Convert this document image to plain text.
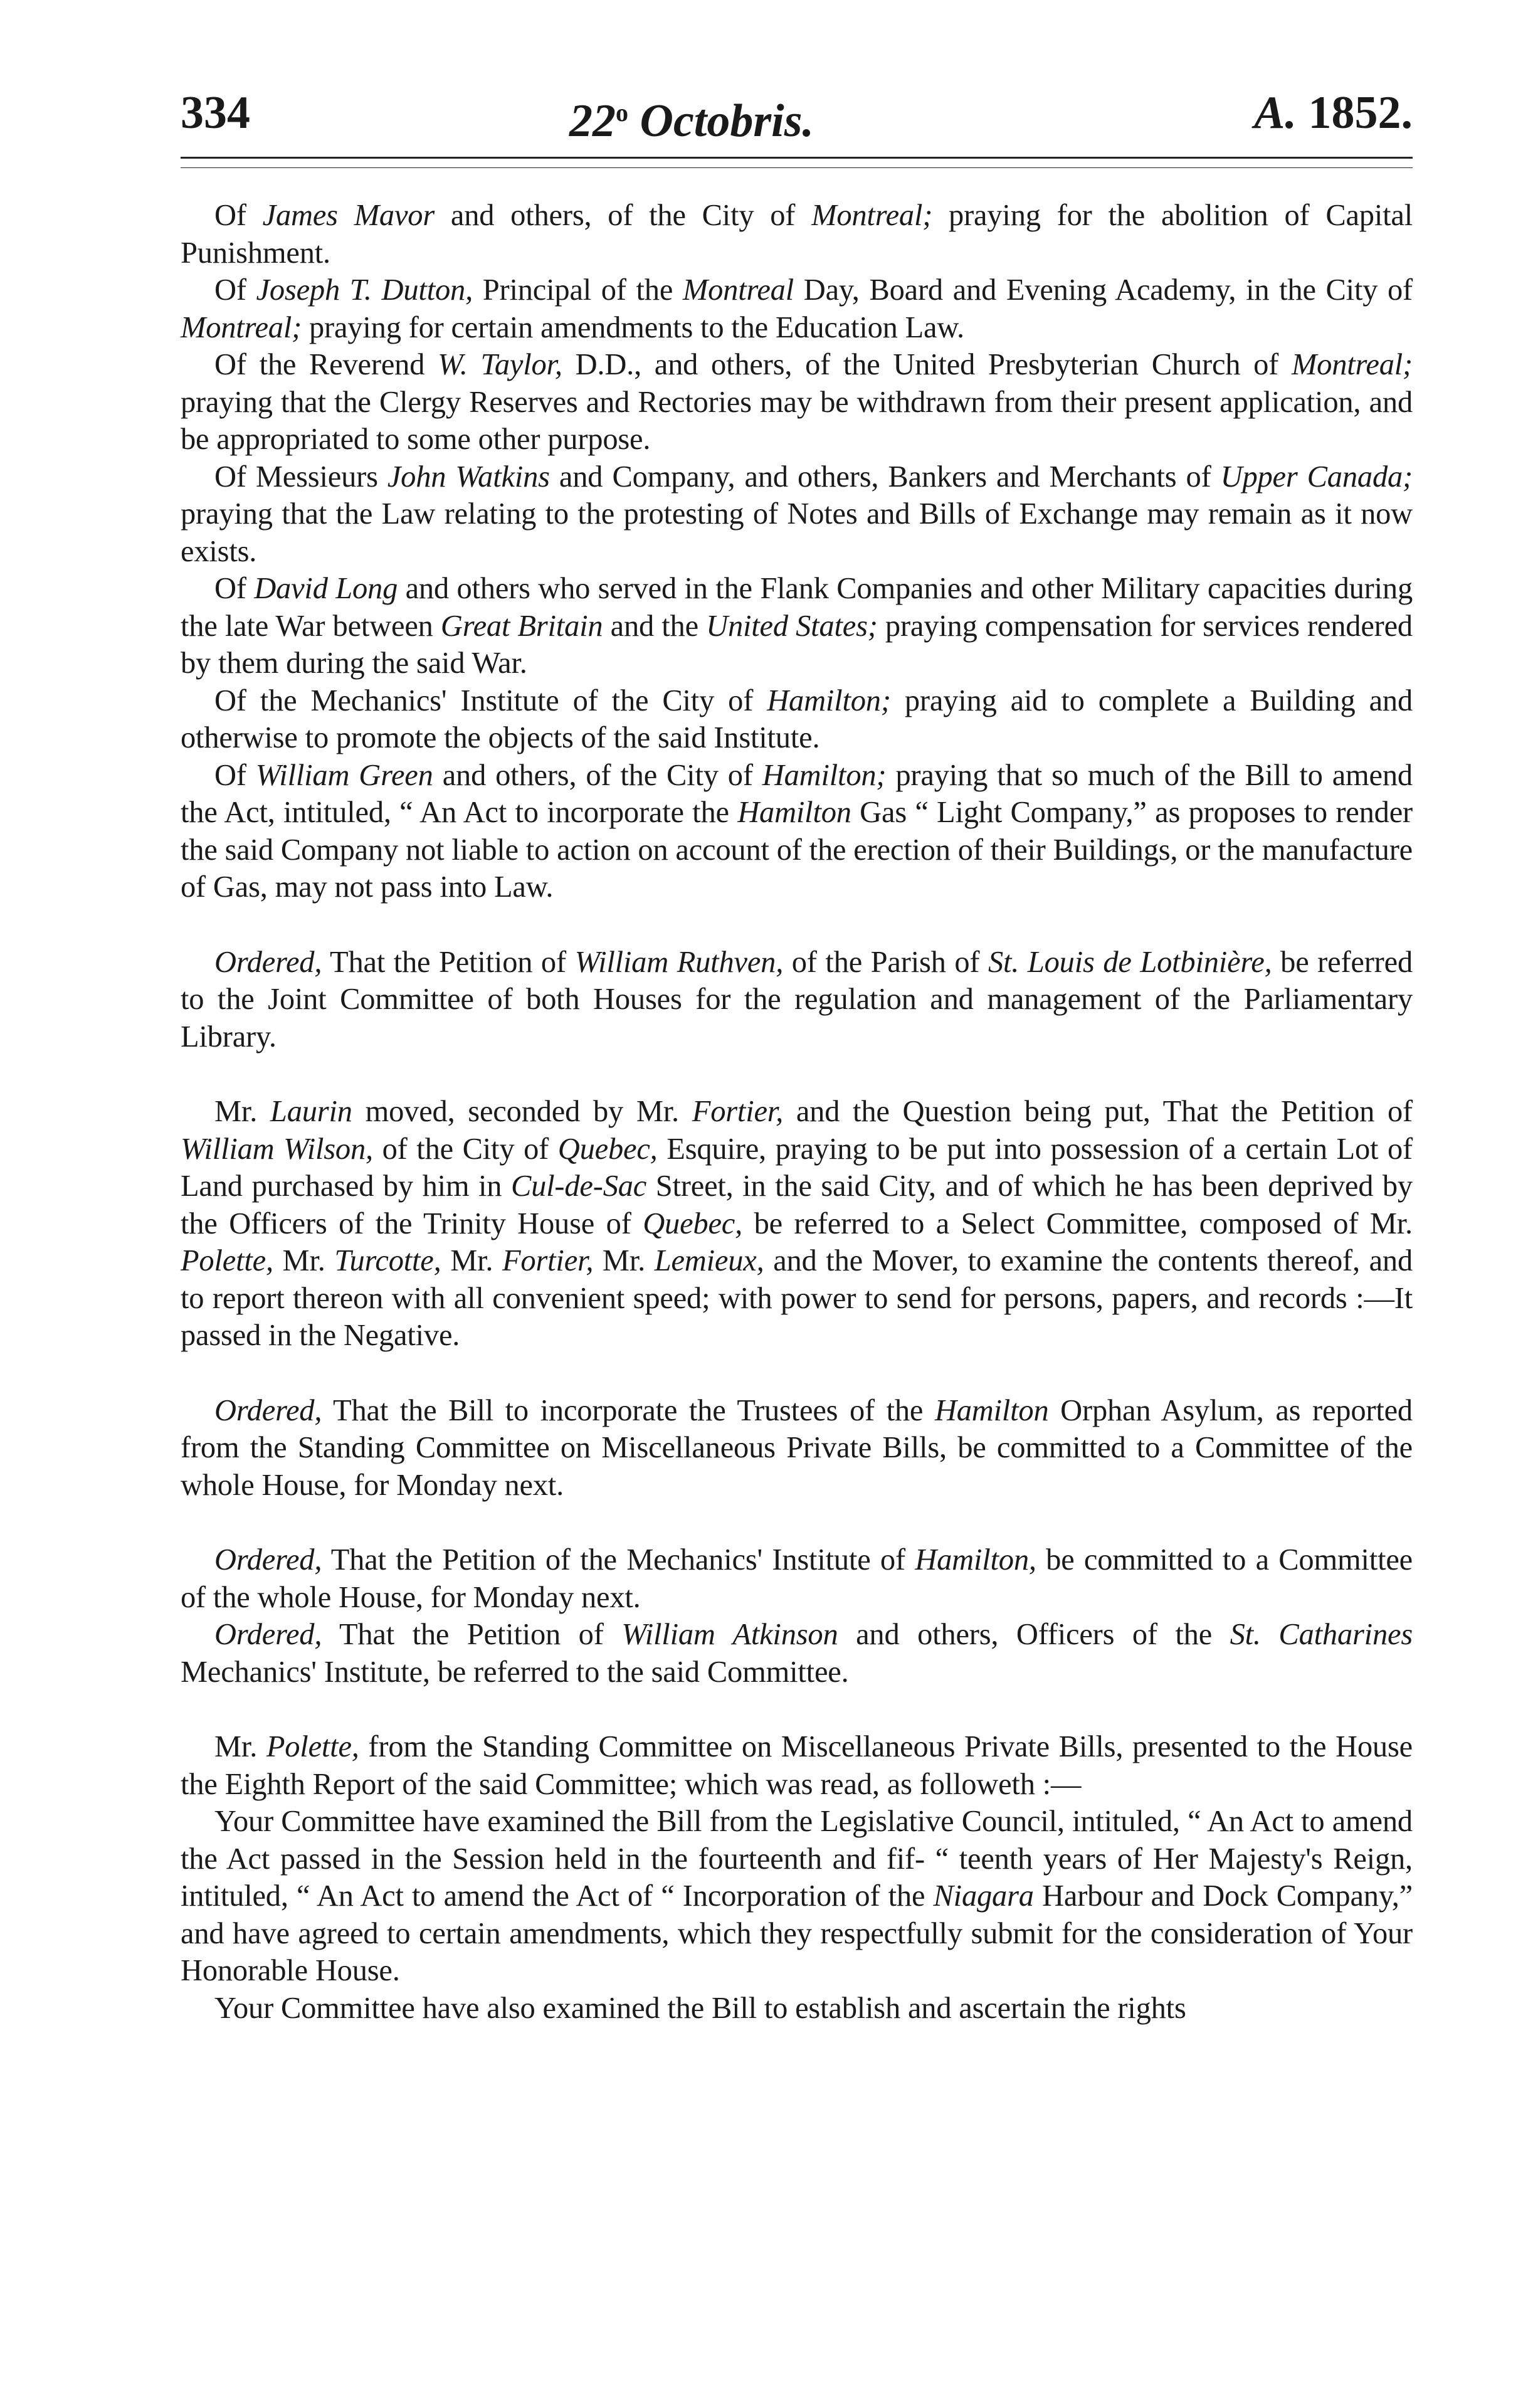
334	22$^o$ Octobris.	A. 1852.

Of James Mavor and others, of the City of Montreal; praying for the abolition of Capital Punishment.

Of Joseph T. Dutton, Principal of the Montreal Day, Board and Evening Academy, in the City of Montreal; praying for certain amendments to the Education Law.

Of the Reverend W. Taylor, D.D., and others, of the United Presbyterian Church of Montreal; praying that the Clergy Reserves and Rectories may be withdrawn from their present application, and be appropriated to some other purpose.

Of Messieurs John Watkins and Company, and others, Bankers and Merchants of Upper Canada; praying that the Law relating to the protesting of Notes and Bills of Exchange may remain as it now exists.

Of David Long and others who served in the Flank Companies and other Military capacities during the late War between Great Britain and the United States; praying compensation for services rendered by them during the said War.

Of the Mechanics' Institute of the City of Hamilton; praying aid to complete a Building and otherwise to promote the objects of the said Institute.

Of William Green and others, of the City of Hamilton; praying that so much of the Bill to amend the Act, intituled, “ An Act to incorporate the Hamilton Gas “ Light Company,” as proposes to render the said Company not liable to action on account of the erection of their Buildings, or the manufacture of Gas, may not pass into Law.

Ordered, That the Petition of William Ruthven, of the Parish of St. Louis de Lotbinière, be referred to the Joint Committee of both Houses for the regulation and management of the Parliamentary Library.

Mr. Laurin moved, seconded by Mr. Fortier, and the Question being put, That the Petition of William Wilson, of the City of Quebec, Esquire, praying to be put into possession of a certain Lot of Land purchased by him in Cul-de-Sac Street, in the said City, and of which he has been deprived by the Officers of the Trinity House of Quebec, be referred to a Select Committee, composed of Mr. Polette, Mr. Turcotte, Mr. Fortier, Mr. Lemieux, and the Mover, to examine the contents thereof, and to report thereon with all convenient speed; with power to send for persons, papers, and records :—It passed in the Negative.

Ordered, That the Bill to incorporate the Trustees of the Hamilton Orphan Asylum, as reported from the Standing Committee on Miscellaneous Private Bills, be committed to a Committee of the whole House, for Monday next.

Ordered, That the Petition of the Mechanics' Institute of Hamilton, be committed to a Committee of the whole House, for Monday next.

Ordered, That the Petition of William Atkinson and others, Officers of the St. Catharines Mechanics' Institute, be referred to the said Committee.

Mr. Polette, from the Standing Committee on Miscellaneous Private Bills, presented to the House the Eighth Report of the said Committee; which was read, as followeth :—

Your Committee have examined the Bill from the Legislative Council, intituled, “ An Act to amend the Act passed in the Session held in the fourteenth and fif- “ teenth years of Her Majesty's Reign, intituled, “ An Act to amend the Act of “ Incorporation of the Niagara Harbour and Dock Company,” and have agreed to certain amendments, which they respectfully submit for the consideration of Your Honorable House.

Your Committee have also examined the Bill to establish and ascertain the rights
